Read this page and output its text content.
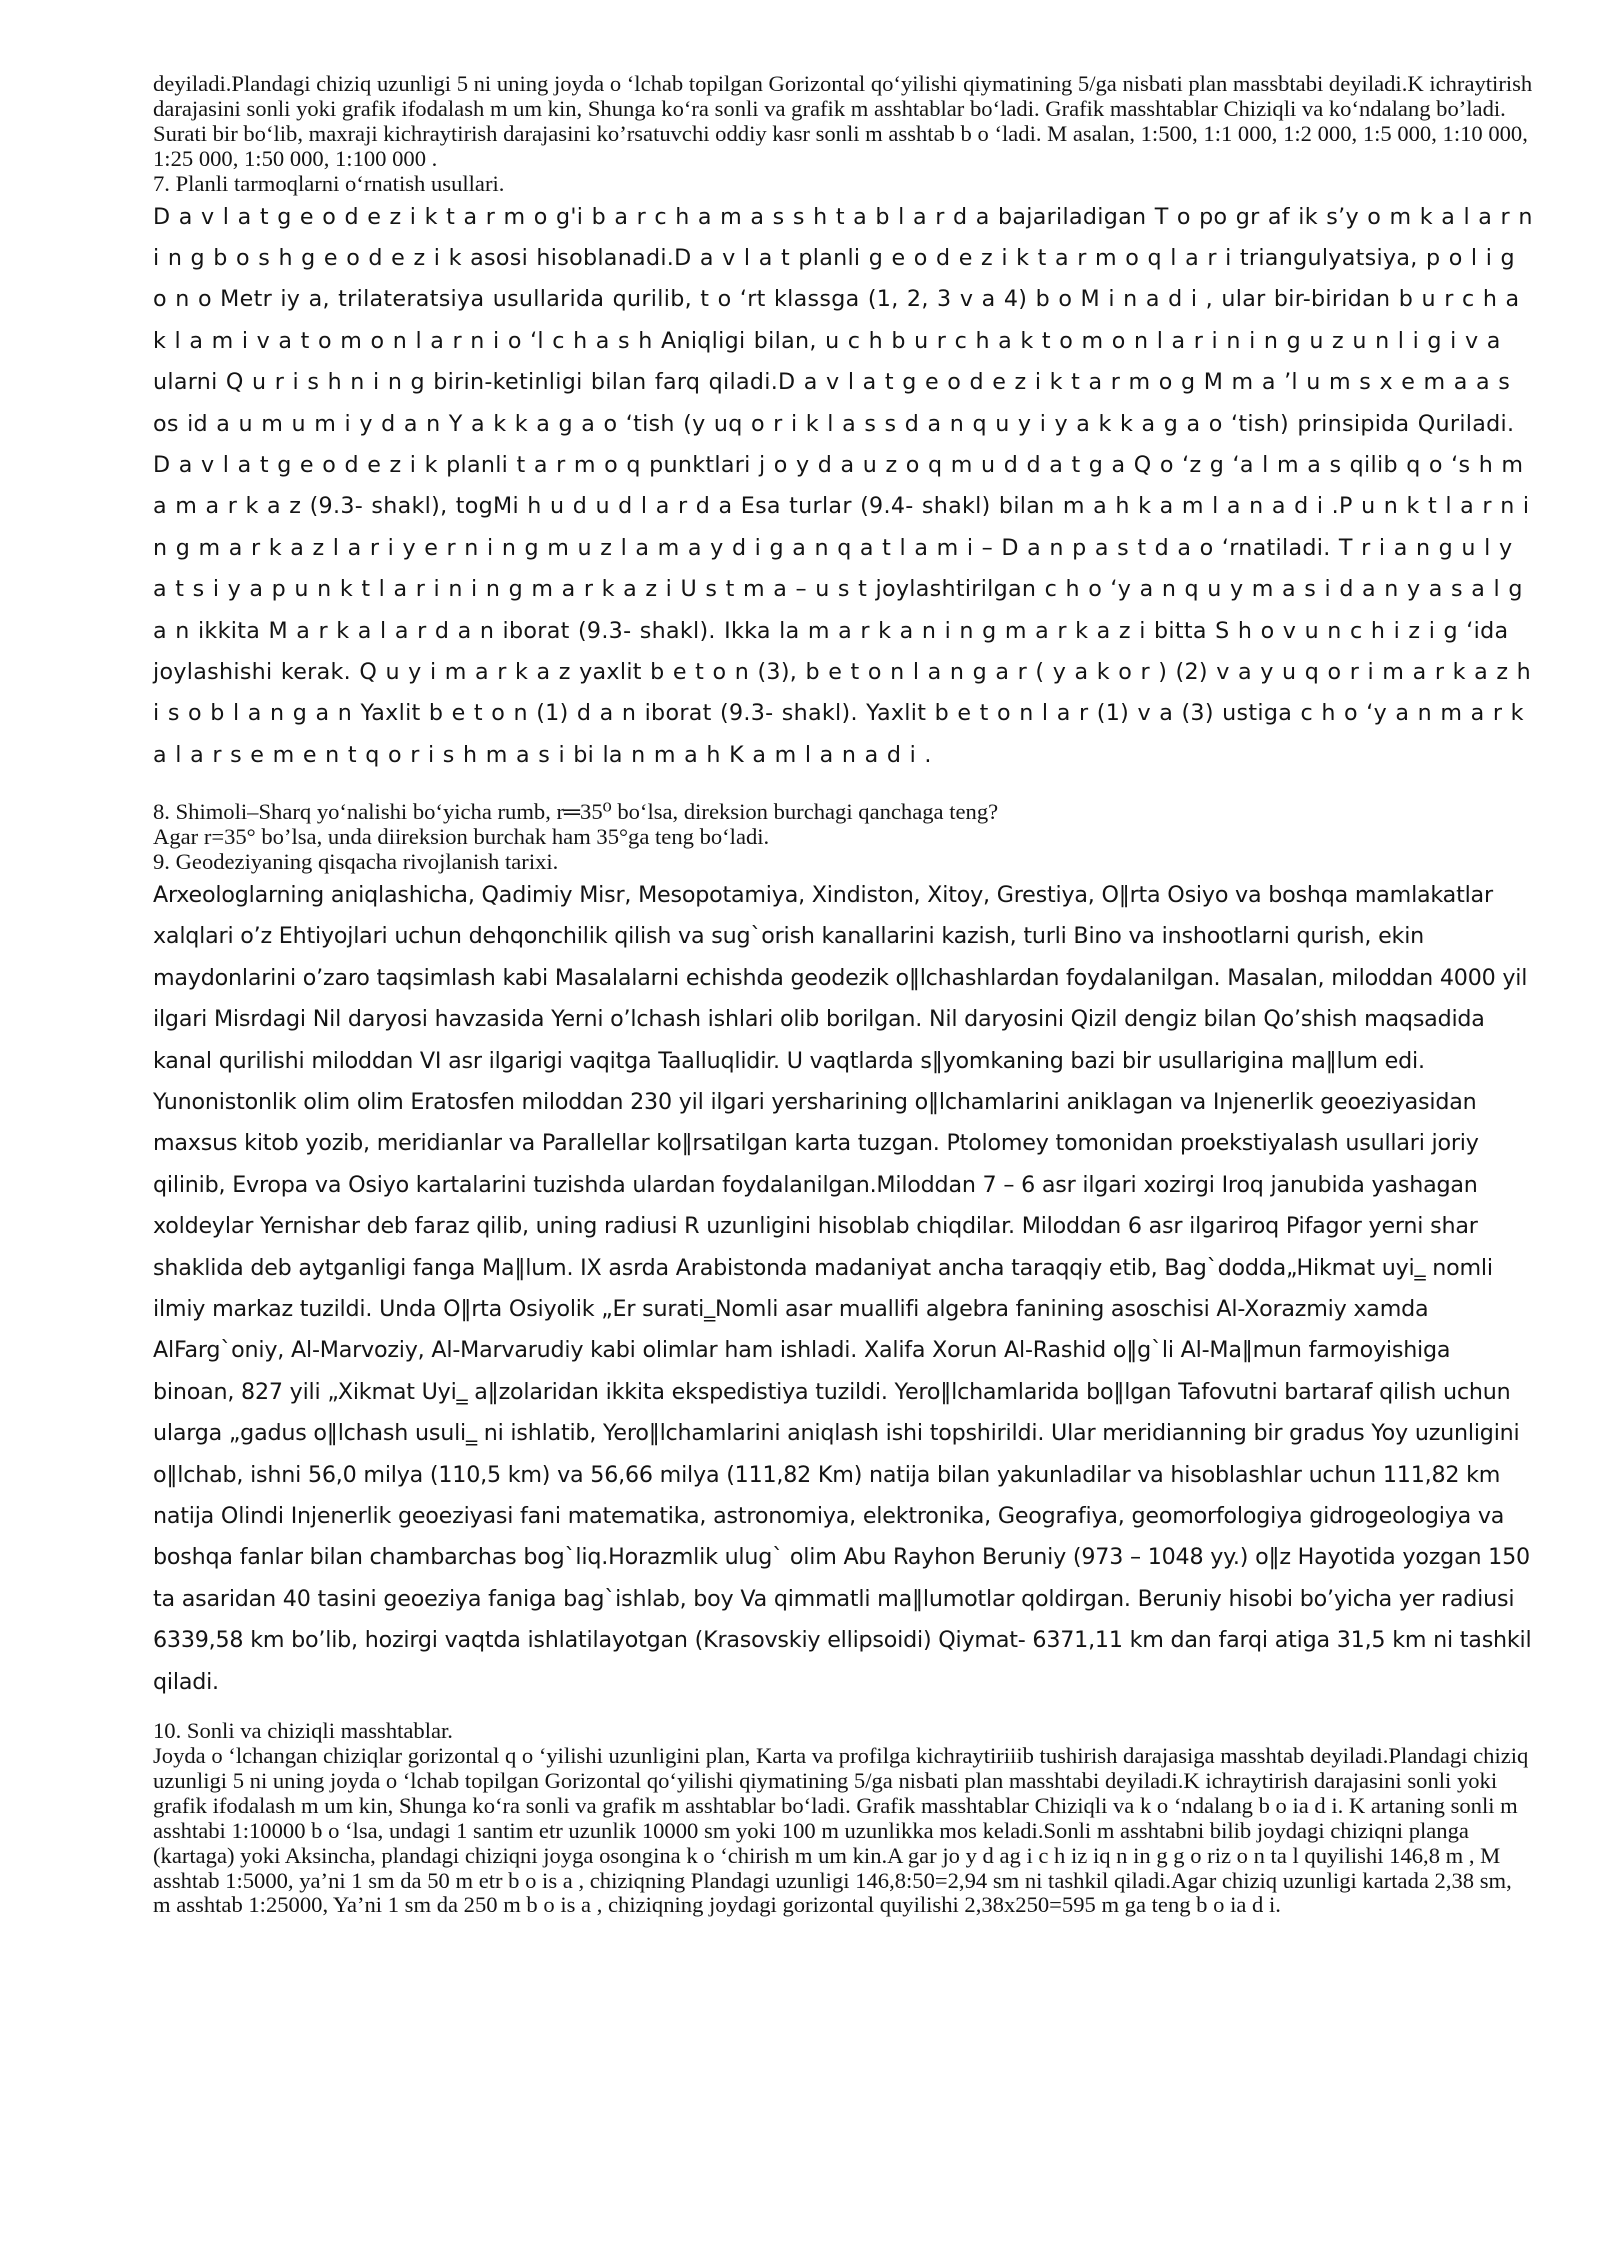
deyiladi.Plandagi chiziq uzunligi 5 ni uning joyda o ‘lchab topilgan Gorizontal qo‘yilishi qiymatining 5/ga nisbati plan massbtabi deyiladi.K ichraytirish darajasini sonli yoki grafik ifodalash m um kin, Shunga ko‘ra sonli va grafik m asshtablar bo‘ladi. Grafik masshtablar Chiziqli va ko‘ndalang bo’ladi. Surati bir bo‘lib, maxraji kichraytirish darajasini ko’rsatuvchi oddiy kasr sonli m asshtab b o ‘ladi. M asalan, 1:500, 1:1 000, 1:2 000, 1:5 000, 1:10 000, 1:25 000, 1:50 000, 1:100 000 .

7. Planli tarmoqlarni o‘rnatish usullari.

D a v l a t g e o d e z i k t a r m o g'i b a r c h a m a s s h t a b l a r d a bajariladigan T o po gr af ik s’y o m k a l a r n i n g b o s h g e o d e z i k asosi hisoblanadi.D a v l a t planli g e o d e z i k t a r m o q l a r i triangulyatsiya, p o l i g o n o Metr iy a, trilateratsiya usullarida qurilib, t o ‘rt klassga (1, 2, 3 v a 4) b o M i n a d i , ular bir-biridan b u r c h a k l a m i v a t o m o n l a r n i o ‘l c h a s h Aniqligi bilan, u c h b u r c h a k t o m o n l a r i n i n g u z u n l i g i v a ularni Q u r i s h n i n g birin-ketinligi bilan farq qiladi.D a v l a t g e o d e z i k t a r m o g M m a ’l u m s x e m a a s os id a u m u m i y d a n Y a k k a g a o ‘tish (y uq o r i k l a s s d a n q u y i y a k k a g a o ‘tish) prinsipida Quriladi. D a v l a t g e o d e z i k planli t a r m o q punktlari j o y d a u z o q m u d d a t g a Q o ‘z g ‘a l m a s qilib q o ‘s h m a m a r k a z (9.3- shakl), togMi h u d u d l a r d a Esa turlar (9.4- shakl) bilan m a h k a m l a n a d i .P u n k t l a r n i n g m a r k a z l a r i y e r n i n g m u z l a m a y d i g a n q a t l a m i – D a n p a s t d a o ‘rnatiladi. T r i a n g u l y a t s i y a p u n k t l a r i n i n g m a r k a z i U s t m a – u s t joylashtirilgan c h o ‘y a n q u y m a s i d a n y a s a l g a n ikkita M a r k a l a r d a n iborat (9.3- shakl). Ikka la m a r k a n i n g m a r k a z i bitta S h o v u n c h i z i g ‘ida joylashishi kerak. Q u y i m a r k a z yaxlit b e t o n (3), b e t o n l a n g a r ( y a k o r ) (2) v a y u q o r i m a r k a z h i s o b l a n g a n Yaxlit b e t o n (1) d a n iborat (9.3- shakl). Yaxlit b e t o n l a r (1) v a (3) ustiga c h o ‘y a n m a r k a l a r s e m e n t q o r i s h m a s i bi la n m a h K a m l a n a d i .

8. Shimoli–Sharq yo‘nalishi bo‘yicha rumb, r═35⁰ bo‘lsa, direksion burchagi qanchaga teng?

Agar r=35° bo’lsa, unda diireksion burchak ham 35°ga teng bo‘ladi.

9. Geodeziyaning qisqacha rivojlanish tarixi.

Arxeologlarning aniqlashicha, Qadimiy Misr, Mesopotamiya, Xindiston, Xitoy, Grestiya, O‖rta Osiyo va boshqa mamlakatlar xalqlari o’z Ehtiyojlari uchun dehqonchilik qilish va sug`orish kanallarini kazish, turli Bino va inshootlarni qurish, ekin maydonlarini o’zaro taqsimlash kabi Masalalarni echishda geodezik o‖lchashlardan foydalanilgan. Masalan, miloddan 4000 yil ilgari Misrdagi Nil daryosi havzasida Yerni o’lchash ishlari olib borilgan. Nil daryosini Qizil dengiz bilan Qo’shish maqsadida kanal qurilishi miloddan VI asr ilgarigi vaqitga Taalluqlidir. U vaqtlarda s‖yomkaning bazi bir usullarigina ma‖lum edi. Yunonistonlik olim olim Eratosfen miloddan 230 yil ilgari yersharining o‖lchamlarini aniklagan va Injenerlik geoeziyasidan maxsus kitob yozib, meridianlar va Parallellar ko‖rsatilgan karta tuzgan. Ptolomey tomonidan proekstiyalash usullari joriy qilinib, Evropa va Osiyo kartalarini tuzishda ulardan foydalanilgan.Miloddan 7 – 6 asr ilgari xozirgi Iroq janubida yashagan xoldeylar Yernishar deb faraz qilib, uning radiusi R uzunligini hisoblab chiqdilar. Miloddan 6 asr ilgariroq Pifagor yerni shar shaklida deb aytganligi fanga Ma‖lum. IX asrda Arabistonda madaniyat ancha taraqqiy etib, Bag`dodda„Hikmat uyi‗ nomli ilmiy markaz tuzildi. Unda O‖rta Osiyolik „Er surati‗Nomli asar muallifi algebra fanining asoschisi Al-Xorazmiy xamda AlFarg`oniy, Al-Marvoziy, Al-Marvarudiy kabi olimlar ham ishladi. Xalifa Xorun Al-Rashid o‖g`li Al-Ma‖mun farmoyishiga binoan, 827 yili „Xikmat Uyi‗ a‖zolaridan ikkita ekspedistiya tuzildi. Yero‖lchamlarida bo‖lgan Tafovutni bartaraf qilish uchun ularga „gadus o‖lchash usuli‗ ni ishlatib, Yero‖lchamlarini aniqlash ishi topshirildi. Ular meridianning bir gradus Yoy uzunligini o‖lchab, ishni 56,0 milya (110,5 km) va 56,66 milya (111,82 Km) natija bilan yakunladilar va hisoblashlar uchun 111,82 km natija Olindi Injenerlik geoeziyasi fani matematika, astronomiya, elektronika, Geografiya, geomorfologiya gidrogeologiya va boshqa fanlar bilan chambarchas bog`liq.Horazmlik ulug` olim Abu Rayhon Beruniy (973 – 1048 yy.) o‖z Hayotida yozgan 150 ta asaridan 40 tasini geoeziya faniga bag`ishlab, boy Va qimmatli ma‖lumotlar qoldirgan. Beruniy hisobi bo’yicha yer radiusi 6339,58 km bo’lib, hozirgi vaqtda ishlatilayotgan (Krasovskiy ellipsoidi) Qiymat- 6371,11 km dan farqi atiga 31,5 km ni tashkil qiladi.

10. Sonli va chiziqli masshtablar.

Joyda o ‘lchangan chiziqlar gorizontal q o ‘yilishi uzunligini plan, Karta va profilga kichraytiriiib tushirish darajasiga masshtab deyiladi.Plandagi chiziq uzunligi 5 ni uning joyda o ‘lchab topilgan Gorizontal qo‘yilishi qiymatining 5/ga nisbati plan masshtabi deyiladi.K ichraytirish darajasini sonli yoki grafik ifodalash m um kin, Shunga ko‘ra sonli va grafik m asshtablar bo‘ladi. Grafik masshtablar Chiziqli va k o ‘ndalang b o ia d i. K artaning sonli m asshtabi 1:10000 b o ‘lsa, undagi 1 santim etr uzunlik 10000 sm yoki 100 m uzunlikka mos keladi.Sonli m asshtabni bilib joydagi chiziqni planga (kartaga) yoki Aksincha, plandagi chiziqni joyga osongina k o ‘chirish m um kin.A gar jo y d ag i c h iz iq n in g g o riz o n ta l quyilishi 146,8 m , M asshtab 1:5000, ya’ni 1 sm da 50 m etr b o is a , chiziqning Plandagi uzunligi 146,8:50=2,94 sm ni tashkil qiladi.Agar chiziq uzunligi kartada 2,38 sm, m asshtab 1:25000, Ya’ni 1 sm da 250 m b o is a , chiziqning joydagi gorizontal quyilishi 2,38x250=595 m ga teng b o ia d i.
